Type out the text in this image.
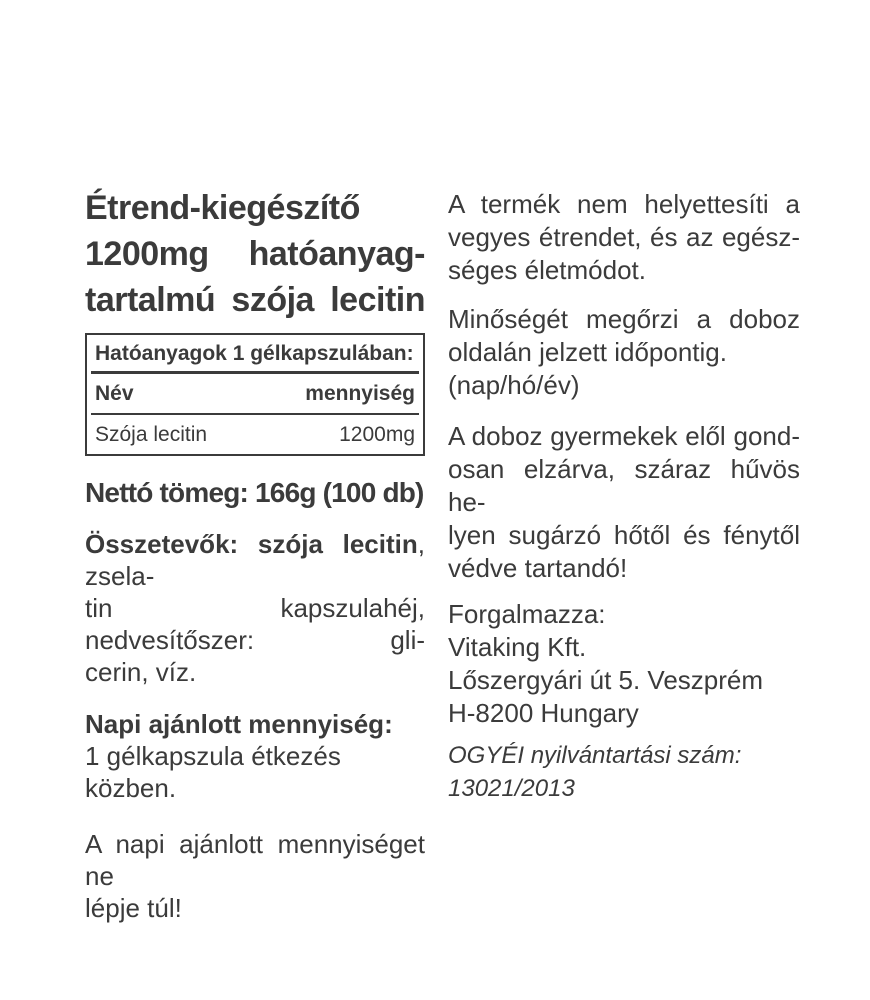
Étrend-kiegészítő
1200mg hatóanyag-
tartalmú szója lecitin
Hatóanyagok 1 gélkapszulában:
Név	mennyiség
Szója lecitin	1200mg
Nettó tömeg: 166g (100 db)
Összetevők: szója lecitin, zsela-
tin kapszulahéj, nedvesítőszer: gli-
cerin, víz.
Napi ajánlott mennyiség:
1 gélkapszula étkezés közben.
A napi ajánlott mennyiséget ne
lépje túl!
A termék nem helyettesíti a
vegyes étrendet, és az egész-
séges életmódot.
Minőségét megőrzi a doboz
oldalán jelzett időpontig.
(nap/hó/év)
A doboz gyermekek elől gond-
osan elzárva, száraz hűvös he-
lyen sugárzó hőtől és fénytől
védve tartandó!
Forgalmazza:
Vitaking Kft.
Lőszergyári út 5. Veszprém
H-8200 Hungary
OGYÉI nyilvántartási szám:
13021/2013
